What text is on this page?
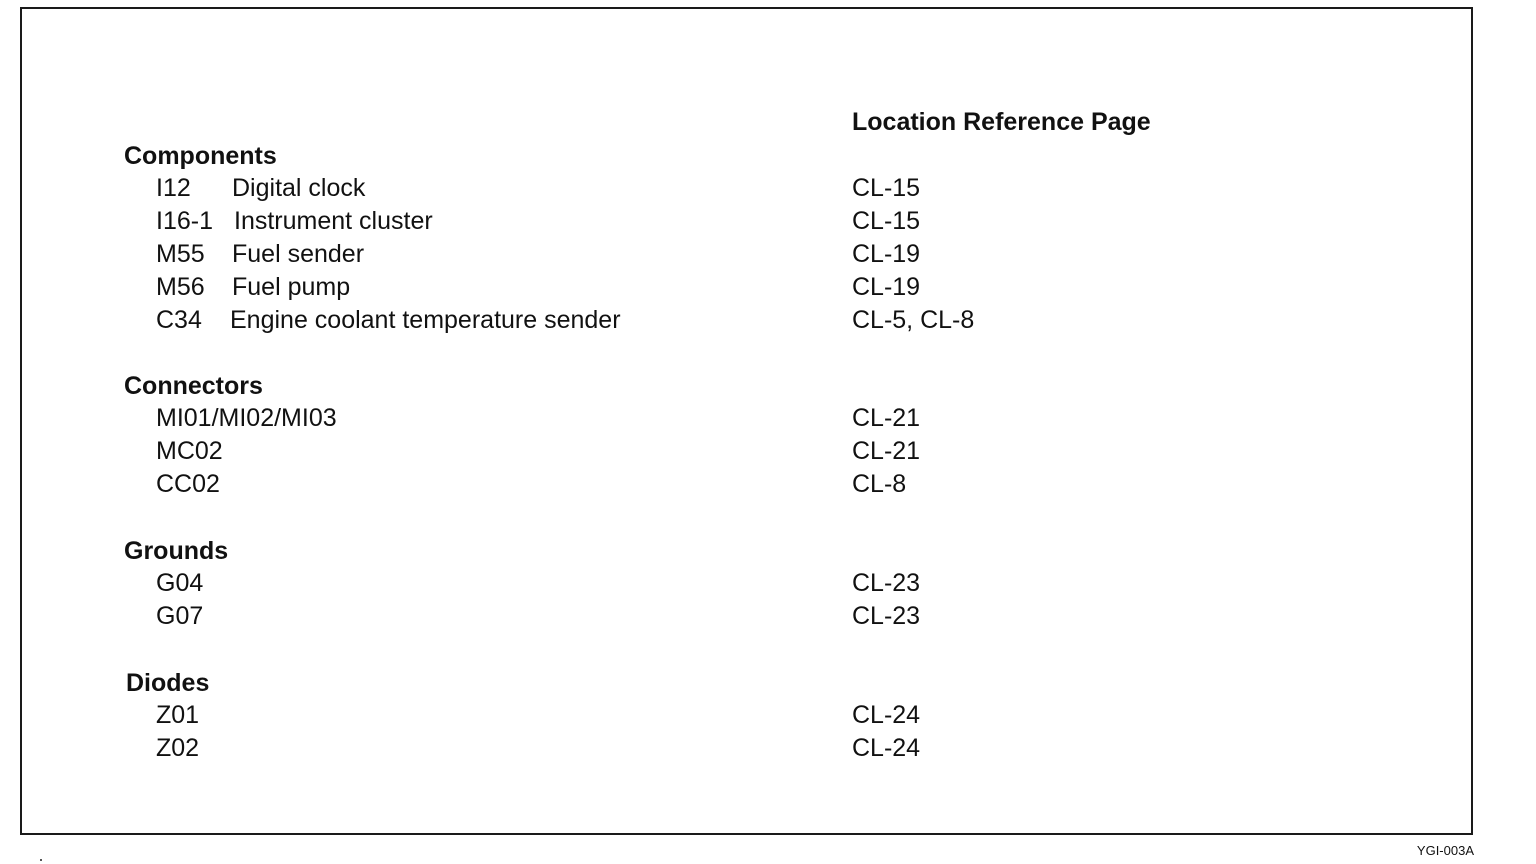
Location Reference Page
Components
I12 Digital clock	CL-15
I16-1 Instrument cluster	CL-15
M55 Fuel sender	CL-19
M56 Fuel pump	CL-19
C34 Engine coolant temperature sender	CL-5, CL-8
Connectors
MI01/MI02/MI03	CL-21
MC02	CL-21
CC02	CL-8
Grounds
G04	CL-23
G07	CL-23
Diodes
Z01	CL-24
Z02	CL-24
YGI-003A
